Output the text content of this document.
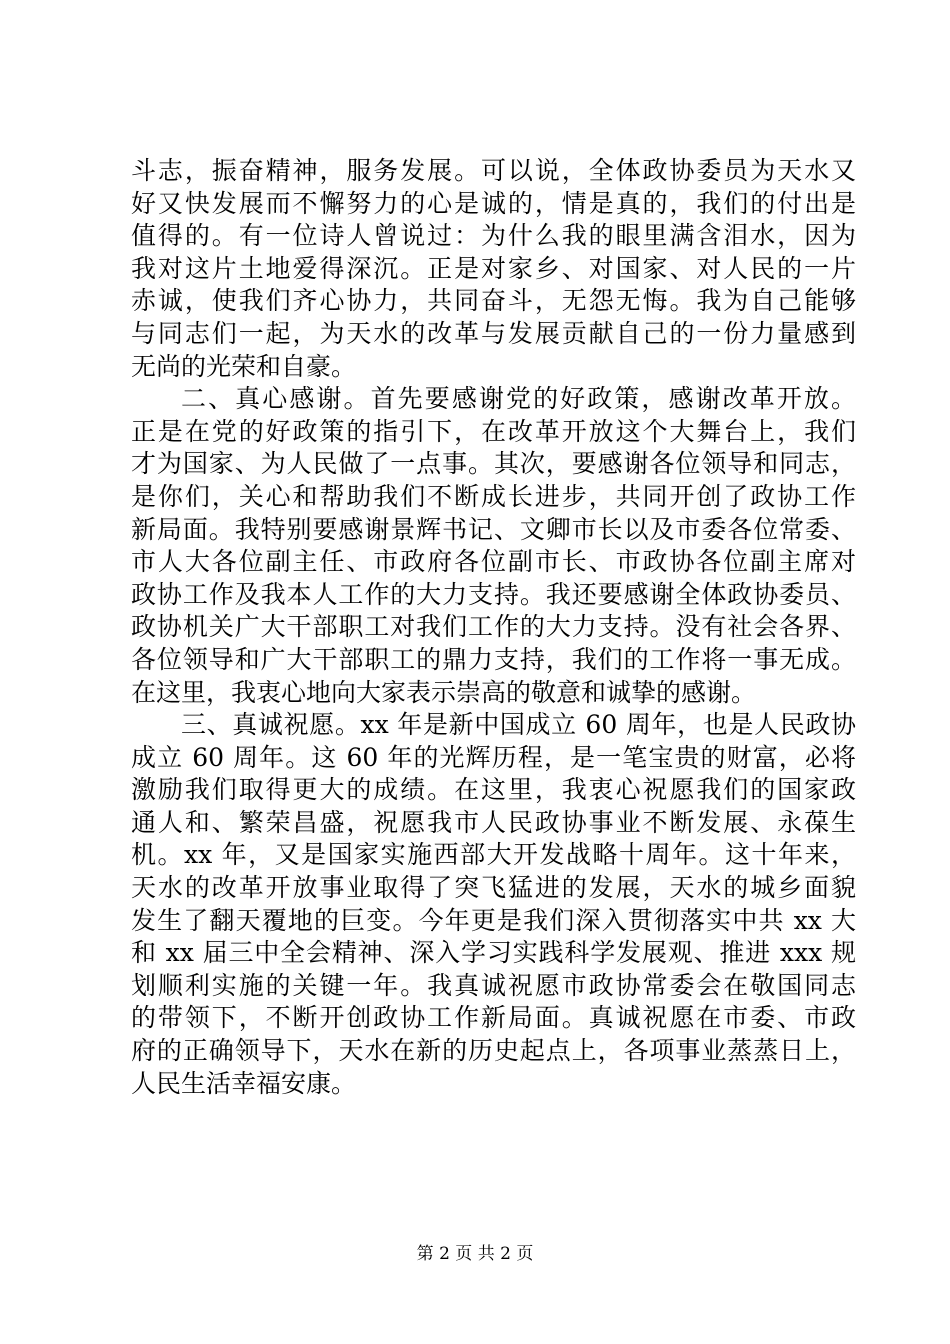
斗志，振奋精神，服务发展。可以说，全体政协委员为天水又
好又快发展而不懈努力的心是诚的，情是真的，我们的付出是
值得的。有一位诗人曾说过：为什么我的眼里满含泪水，因为
我对这片土地爱得深沉。正是对家乡、对国家、对人民的一片
赤诚，使我们齐心协力，共同奋斗，无怨无悔。我为自己能够
与同志们一起，为天水的改革与发展贡献自己的一份力量感到
无尚的光荣和自豪。
二、真心感谢。首先要感谢党的好政策，感谢改革开放。
正是在党的好政策的指引下，在改革开放这个大舞台上，我们
才为国家、为人民做了一点事。其次，要感谢各位领导和同志，
是你们，关心和帮助我们不断成长进步，共同开创了政协工作
新局面。我特别要感谢景辉书记、文卿市长以及市委各位常委、
市人大各位副主任、市政府各位副市长、市政协各位副主席对
政协工作及我本人工作的大力支持。我还要感谢全体政协委员、
政协机关广大干部职工对我们工作的大力支持。没有社会各界、
各位领导和广大干部职工的鼎力支持，我们的工作将一事无成。
在这里，我衷心地向大家表示崇高的敬意和诚挚的感谢。
三、真诚祝愿。xx 年是新中国成立 60 周年，也是人民政协
成立 60 周年。这 60 年的光辉历程，是一笔宝贵的财富，必将
激励我们取得更大的成绩。在这里，我衷心祝愿我们的国家政
通人和、繁荣昌盛，祝愿我市人民政协事业不断发展、永葆生
机。xx 年，又是国家实施西部大开发战略十周年。这十年来，
天水的改革开放事业取得了突飞猛进的发展，天水的城乡面貌
发生了翻天覆地的巨变。今年更是我们深入贯彻落实中共 xx 大
和 xx 届三中全会精神、深入学习实践科学发展观、推进 xxx 规
划顺利实施的关键一年。我真诚祝愿市政协常委会在敬国同志
的带领下，不断开创政协工作新局面。真诚祝愿在市委、市政
府的正确领导下，天水在新的历史起点上，各项事业蒸蒸日上，
人民生活幸福安康。
第 2 页 共 2 页
